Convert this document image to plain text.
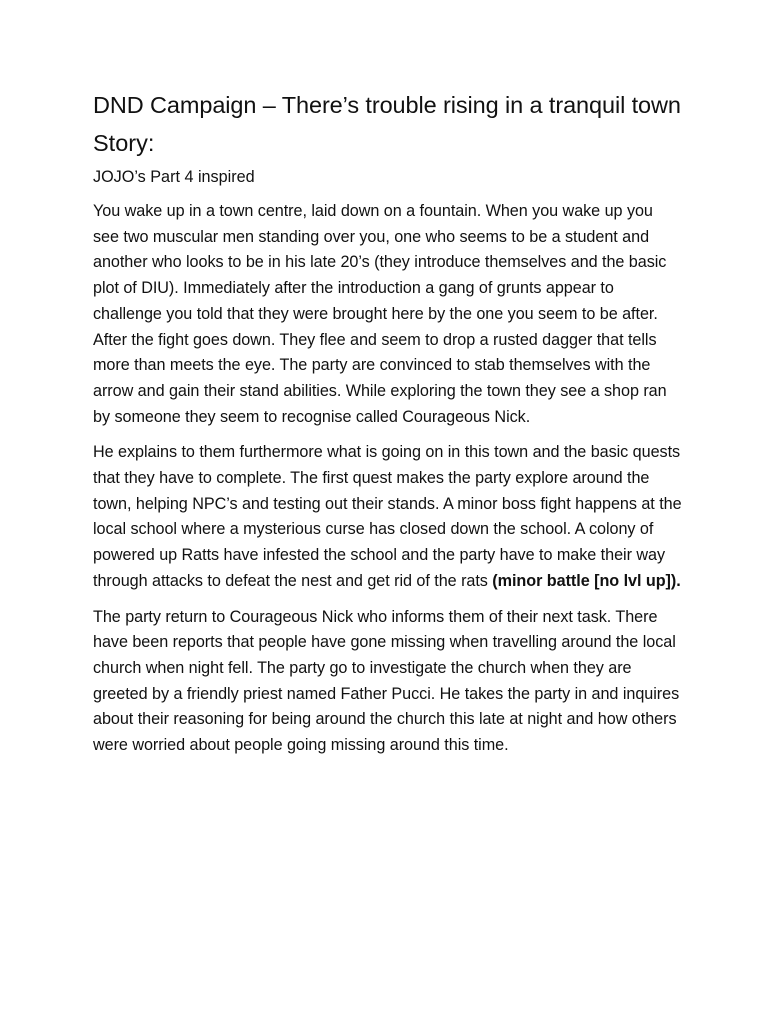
DND Campaign – There’s trouble rising in a tranquil town
Story:

JOJO’s Part 4 inspired

You wake up in a town centre, laid down on a fountain. When you wake up you see two muscular men standing over you, one who seems to be a student and another who looks to be in his late 20’s (they introduce themselves and the basic plot of DIU). Immediately after the introduction a gang of grunts appear to challenge you told that they were brought here by the one you seem to be after. After the fight goes down. They flee and seem to drop a rusted dagger that tells more than meets the eye. The party are convinced to stab themselves with the arrow and gain their stand abilities. While exploring the town they see a shop ran by someone they seem to recognise called Courageous Nick.

He explains to them furthermore what is going on in this town and the basic quests that they have to complete. The first quest makes the party explore around the town, helping NPC’s and testing out their stands. A minor boss fight happens at the local school where a mysterious curse has closed down the school. A colony of powered up Ratts have infested the school and the party have to make their way through attacks to defeat the nest and get rid of the rats (minor battle [no lvl up]).

The party return to Courageous Nick who informs them of their next task. There have been reports that people have gone missing when travelling around the local church when night fell. The party go to investigate the church when they are greeted by a friendly priest named Father Pucci. He takes the party in and inquires about their reasoning for being around the church this late at night and how others were worried about people going missing around this time.
